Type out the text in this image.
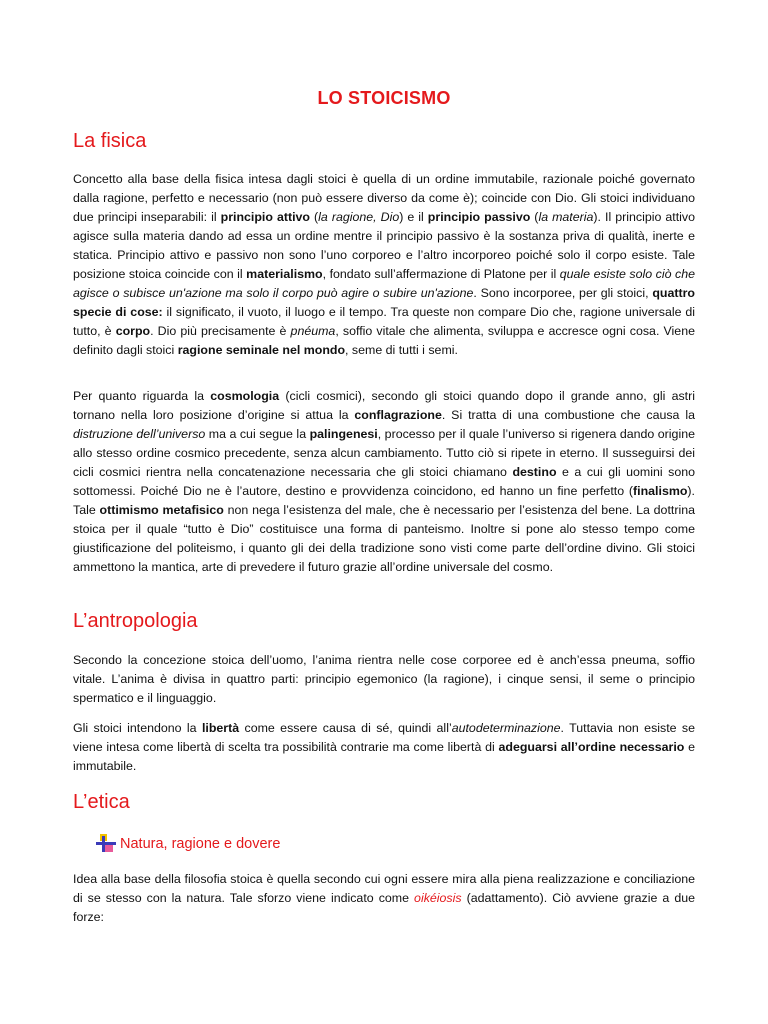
LO STOICISMO
La fisica

Concetto alla base della fisica intesa dagli stoici è quella di un ordine immutabile, razionale poiché governato dalla ragione, perfetto e necessario (non può essere diverso da come è); coincide con Dio. Gli stoici individuano due principi inseparabili: il principio attivo (la ragione, Dio) e il principio passivo (la materia). Il principio attivo agisce sulla materia dando ad essa un ordine mentre il principio passivo è la sostanza priva di qualità, inerte e statica. Principio attivo e passivo non sono l’uno corporeo e l’altro incorporeo poiché solo il corpo esiste. Tale posizione stoica coincide con il materialismo, fondato sull’affermazione di Platone per il quale esiste solo ciò che agisce o subisce un'azione ma solo il corpo può agire o subire un'azione. Sono incorporee, per gli stoici, quattro specie di cose: il significato, il vuoto, il luogo e il tempo. Tra queste non compare Dio che, ragione universale di tutto, è corpo. Dio più precisamente è pnéuma, soffio vitale che alimenta, sviluppa e accresce ogni cosa. Viene definito dagli stoici ragione seminale nel mondo, seme di tutti i semi.

Per quanto riguarda la cosmologia (cicli cosmici), secondo gli stoici quando dopo il grande anno, gli astri tornano nella loro posizione d’origine si attua la conflagrazione. Si tratta di una combustione che causa la distruzione dell’universo ma a cui segue la palingenesi, processo per il quale l’universo si rigenera dando origine allo stesso ordine cosmico precedente, senza alcun cambiamento. Tutto ciò si ripete in eterno. Il susseguirsi dei cicli cosmici rientra nella concatenazione necessaria che gli stoici chiamano destino e a cui gli uomini sono sottomessi. Poiché Dio ne è l’autore, destino e provvidenza coincidono, ed hanno un fine perfetto (finalismo). Tale ottimismo metafisico non nega l’esistenza del male, che è necessario per l’esistenza del bene. La dottrina stoica per il quale “tutto è Dio” costituisce una forma di panteismo. Inoltre si pone alo stesso tempo come giustificazione del politeismo, i quanto gli dei della tradizione sono visti come parte dell’ordine divino. Gli stoici ammettono la mantica, arte di prevedere il futuro grazie all’ordine universale del cosmo.

L’antropologia

Secondo la concezione stoica dell’uomo, l’anima rientra nelle cose corporee ed è anch’essa pneuma, soffio vitale. L’anima è divisa in quattro parti: principio egemonico (la ragione), i cinque sensi, il seme o principio spermatico e il linguaggio.

Gli stoici intendono la libertà come essere causa di sé, quindi all’autodeterminazione. Tuttavia non esiste se viene intesa come libertà di scelta tra possibilità contrarie ma come libertà di adeguarsi all’ordine necessario e immutabile.

L’etica
Natura, ragione e dovere

Idea alla base della filosofia stoica è quella secondo cui ogni essere mira alla piena realizzazione e conciliazione di se stesso con la natura. Tale sforzo viene indicato come oikéiosis (adattamento). Ciò avviene grazie a due forze:
